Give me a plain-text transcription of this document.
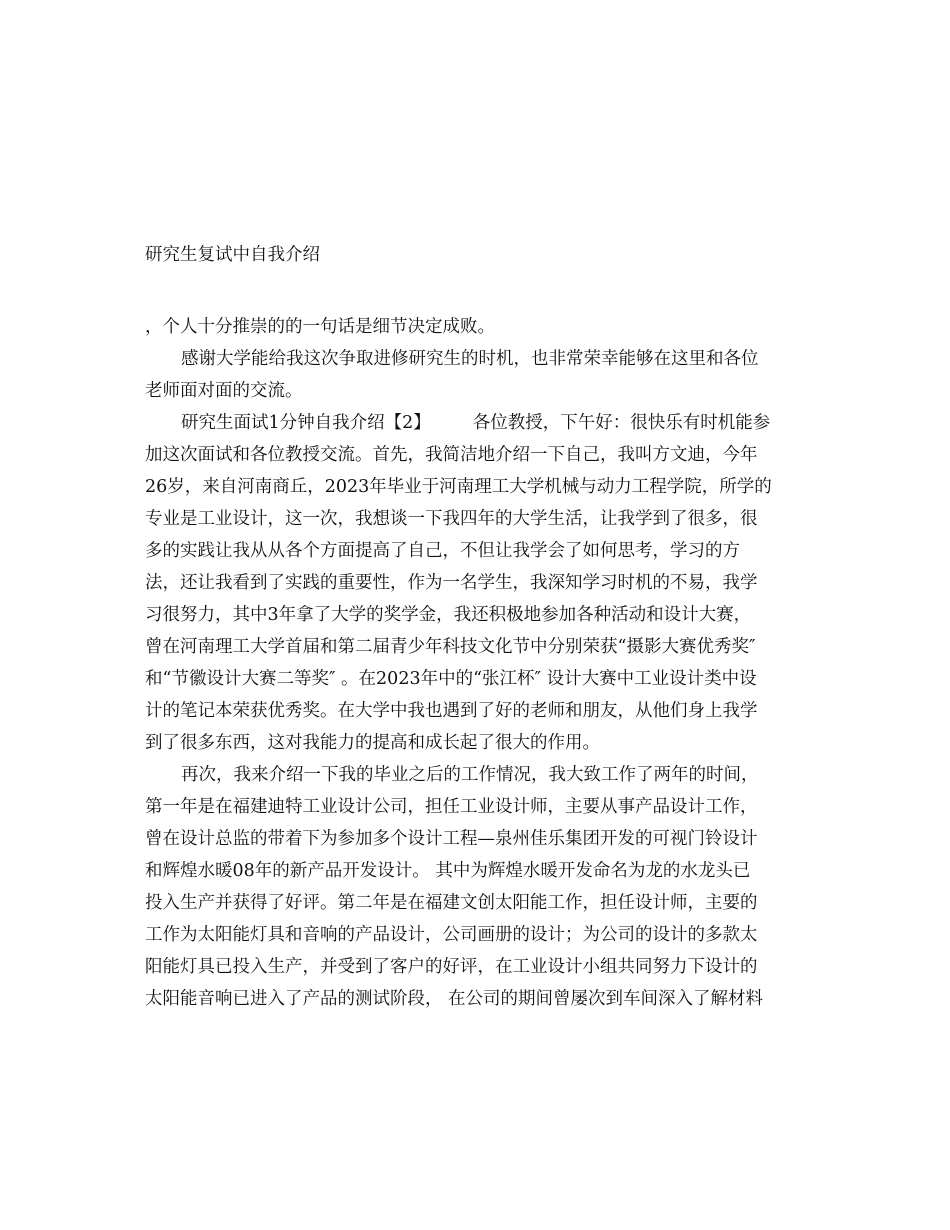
研究生复试中自我介绍
，个人十分推崇的的一句话是细节决定成败。
感谢大学能给我这次争取进修研究生的时机，也非常荣幸能够在这里和各位
老师面对面的交流。
研究生面试1分钟自我介绍【2】 各位教授，下午好：很快乐有时机能参
加这次面试和各位教授交流。首先，我简洁地介绍一下自己，我叫方文迪，今年
26岁，来自河南商丘，2023年毕业于河南理工大学机械与动力工程学院，所学的
专业是工业设计，这一次，我想谈一下我四年的大学生活，让我学到了很多，很
多的实践让我从从各个方面提高了自己，不但让我学会了如何思考，学习的方
法，还让我看到了实践的重要性，作为一名学生，我深知学习时机的不易，我学
习很努力，其中3年拿了大学的奖学金，我还积极地参加各种活动和设计大赛，
曾在河南理工大学首届和第二届青少年科技文化节中分别荣获“摄影大赛优秀奖″
和“节徽设计大赛二等奖″ 。在2023年中的“张江杯″ 设计大赛中工业设计类中设
计的笔记本荣获优秀奖。在大学中我也遇到了好的老师和朋友，从他们身上我学
到了很多东西，这对我能力的提高和成长起了很大的作用。
再次，我来介绍一下我的毕业之后的工作情况，我大致工作了两年的时间，
第一年是在福建迪特工业设计公司，担任工业设计师，主要从事产品设计工作，
曾在设计总监的带着下为参加多个设计工程—泉州佳乐集团开发的可视门铃设计
和辉煌水暖08年的新产品开发设计。 其中为辉煌水暖开发命名为龙的水龙头已
投入生产并获得了好评。第二年是在福建文创太阳能工作，担任设计师，主要的
工作为太阳能灯具和音响的产品设计，公司画册的设计；为公司的设计的多款太
阳能灯具已投入生产，并受到了客户的好评，在工业设计小组共同努力下设计的
太阳能音响已进入了产品的测试阶段， 在公司的期间曾屡次到车间深入了解材料
